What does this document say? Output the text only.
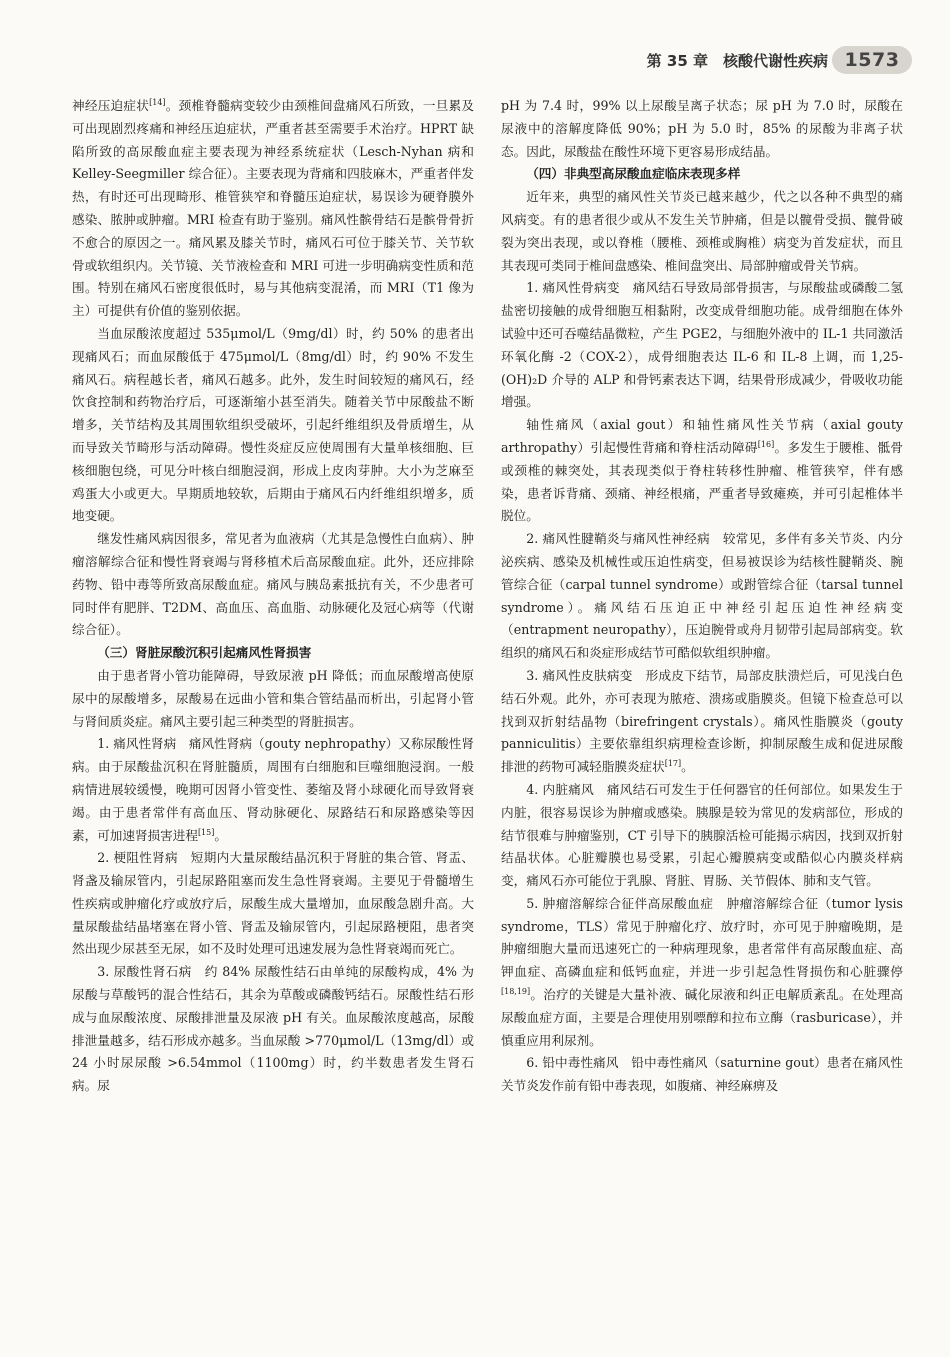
第 35 章　核酸代谢性疾病 1573

神经压迫症状[14]。颈椎脊髓病变较少由颈椎间盘痛风石所致，一旦累及可出现剧烈疼痛和神经压迫症状，严重者甚至需要手术治疗。HPRT 缺陷所致的高尿酸血症主要表现为神经系统症状（Lesch-Nyhan 病和 Kelley-Seegmiller 综合征）。主要表现为背痛和四肢麻木，严重者伴发热，有时还可出现畸形、椎管狭窄和脊髓压迫症状，易误诊为硬脊膜外感染、脓肿或肿瘤。MRI 检查有助于鉴别。痛风性髌骨结石是髌骨骨折不愈合的原因之一。痛风累及膝关节时，痛风石可位于膝关节、关节软骨或软组织内。关节镜、关节液检查和 MRI 可进一步明确病变性质和范围。特别在痛风石密度很低时，易与其他病变混淆，而 MRI（T1 像为主）可提供有价值的鉴别依据。

当血尿酸浓度超过 535μmol/L（9mg/dl）时，约 50% 的患者出现痛风石；而血尿酸低于 475μmol/L（8mg/dl）时，约 90% 不发生痛风石。病程越长者，痛风石越多。此外，发生时间较短的痛风石，经饮食控制和药物治疗后，可逐渐缩小甚至消失。随着关节中尿酸盐不断增多，关节结构及其周围软组织受破坏，引起纤维组织及骨质增生，从而导致关节畸形与活动障碍。慢性炎症反应使周围有大量单核细胞、巨核细胞包绕，可见分叶核白细胞浸润，形成上皮肉芽肿。大小为芝麻至鸡蛋大小或更大。早期质地较软，后期由于痛风石内纤维组织增多，质地变硬。

继发性痛风病因很多，常见者为血液病（尤其是急慢性白血病）、肿瘤溶解综合征和慢性肾衰竭与肾移植术后高尿酸血症。此外，还应排除药物、铅中毒等所致高尿酸血症。痛风与胰岛素抵抗有关，不少患者可同时伴有肥胖、T2DM、高血压、高血脂、动脉硬化及冠心病等（代谢综合征）。

（三）肾脏尿酸沉积引起痛风性肾损害

由于患者肾小管功能障碍，导致尿液 pH 降低；而血尿酸增高使原尿中的尿酸增多，尿酸易在远曲小管和集合管结晶而析出，引起肾小管与肾间质炎症。痛风主要引起三种类型的肾脏损害。

1. 痛风性肾病　痛风性肾病（gouty nephropathy）又称尿酸性肾病。由于尿酸盐沉积在肾脏髓质，周围有白细胞和巨噬细胞浸润。一般病情进展较缓慢，晚期可因肾小管变性、萎缩及肾小球硬化而导致肾衰竭。由于患者常伴有高血压、肾动脉硬化、尿路结石和尿路感染等因素，可加速肾损害进程[15]。

2. 梗阻性肾病　短期内大量尿酸结晶沉积于肾脏的集合管、肾盂、肾盏及输尿管内，引起尿路阻塞而发生急性肾衰竭。主要见于骨髓增生性疾病或肿瘤化疗或放疗后，尿酸生成大量增加，血尿酸急剧升高。大量尿酸盐结晶堵塞在肾小管、肾盂及输尿管内，引起尿路梗阻，患者突然出现少尿甚至无尿，如不及时处理可迅速发展为急性肾衰竭而死亡。

3. 尿酸性肾石病　约 84% 尿酸性结石由单纯的尿酸构成，4% 为尿酸与草酸钙的混合性结石，其余为草酸或磷酸钙结石。尿酸性结石形成与血尿酸浓度、尿酸排泄量及尿液 pH 有关。血尿酸浓度越高，尿酸排泄量越多，结石形成亦越多。当血尿酸 >770μmol/L（13mg/dl）或 24 小时尿尿酸 >6.54mmol（1100mg）时，约半数患者发生肾石病。尿

pH 为 7.4 时，99% 以上尿酸呈离子状态；尿 pH 为 7.0 时，尿酸在尿液中的溶解度降低 90%；pH 为 5.0 时，85% 的尿酸为非离子状态。因此，尿酸盐在酸性环境下更容易形成结晶。

（四）非典型高尿酸血症临床表现多样

近年来，典型的痛风性关节炎已越来越少，代之以各种不典型的痛风病变。有的患者很少或从不发生关节肿痛，但是以髋骨受损、髋骨破裂为突出表现，或以脊椎（腰椎、颈椎或胸椎）病变为首发症状，而且其表现可类同于椎间盘感染、椎间盘突出、局部肿瘤或骨关节病。

1. 痛风性骨病变　痛风结石导致局部骨损害，与尿酸盐或磷酸二氢盐密切接触的成骨细胞互相黏附，改变成骨细胞功能。成骨细胞在体外试验中还可吞噬结晶微粒，产生 PGE2，与细胞外液中的 IL-1 共同激活环氧化酶 -2（COX-2），成骨细胞表达 IL-6 和 IL-8 上调，而 1,25-(OH)₂D 介导的 ALP 和骨钙素表达下调，结果骨形成减少，骨吸收功能增强。

轴性痛风（axial gout）和轴性痛风性关节病（axial gouty arthropathy）引起慢性背痛和脊柱活动障碍[16]。多发生于腰椎、骶骨或颈椎的棘突处，其表现类似于脊柱转移性肿瘤、椎管狭窄，伴有感染，患者诉背痛、颈痛、神经根痛，严重者导致瘫痪，并可引起椎体半脱位。

2. 痛风性腱鞘炎与痛风性神经病　较常见，多伴有多关节炎、内分泌疾病、感染及机械性或压迫性病变，但易被误诊为结核性腱鞘炎、腕管综合征（carpal tunnel syndrome）或跗管综合征（tarsal tunnel syndrome）。痛风结石压迫正中神经引起压迫性神经病变（entrapment neuropathy），压迫腕骨或舟月韧带引起局部病变。软组织的痛风石和炎症形成结节可酷似软组织肿瘤。

3. 痛风性皮肤病变　形成皮下结节，局部皮肤溃烂后，可见浅白色结石外观。此外，亦可表现为脓疮、溃疡或脂膜炎。但镜下检查总可以找到双折射结晶物（birefringent crystals）。痛风性脂膜炎（gouty panniculitis）主要依靠组织病理检查诊断，抑制尿酸生成和促进尿酸排泄的药物可减轻脂膜炎症状[17]。

4. 内脏痛风　痛风结石可发生于任何器官的任何部位。如果发生于内脏，很容易误诊为肿瘤或感染。胰腺是较为常见的发病部位，形成的结节很难与肿瘤鉴别，CT 引导下的胰腺活检可能揭示病因，找到双折射结晶状体。心脏瓣膜也易受累，引起心瓣膜病变或酷似心内膜炎样病变，痛风石亦可能位于乳腺、肾脏、胃肠、关节假体、肺和支气管。

5. 肿瘤溶解综合征伴高尿酸血症　肿瘤溶解综合征（tumor lysis syndrome，TLS）常见于肿瘤化疗、放疗时，亦可见于肿瘤晚期，是肿瘤细胞大量而迅速死亡的一种病理现象，患者常伴有高尿酸血症、高钾血症、高磷血症和低钙血症，并进一步引起急性肾损伤和心脏骤停[18,19]。治疗的关键是大量补液、碱化尿液和纠正电解质紊乱。在处理高尿酸血症方面，主要是合理使用别嘌醇和拉布立酶（rasburicase），并慎重应用利尿剂。

6. 铅中毒性痛风　铅中毒性痛风（saturnine gout）患者在痛风性关节炎发作前有铅中毒表现，如腹痛、神经麻痹及
